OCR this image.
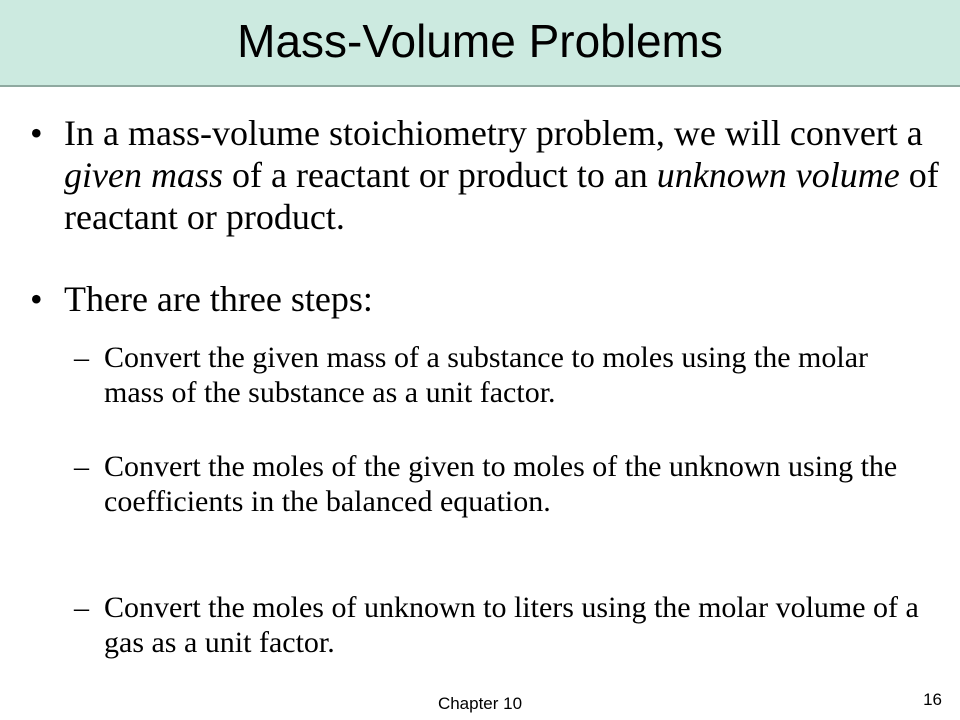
Mass-Volume Problems
• In a mass-volume stoichiometry problem, we will convert a given mass of a reactant or product to an unknown volume of reactant or product.
• There are three steps:
– Convert the given mass of a substance to moles using the molar mass of the substance as a unit factor.
– Convert the moles of the given to moles of the unknown using the coefficients in the balanced equation.
– Convert the moles of unknown to liters using the molar volume of a gas as a unit factor.
Chapter 10	16
